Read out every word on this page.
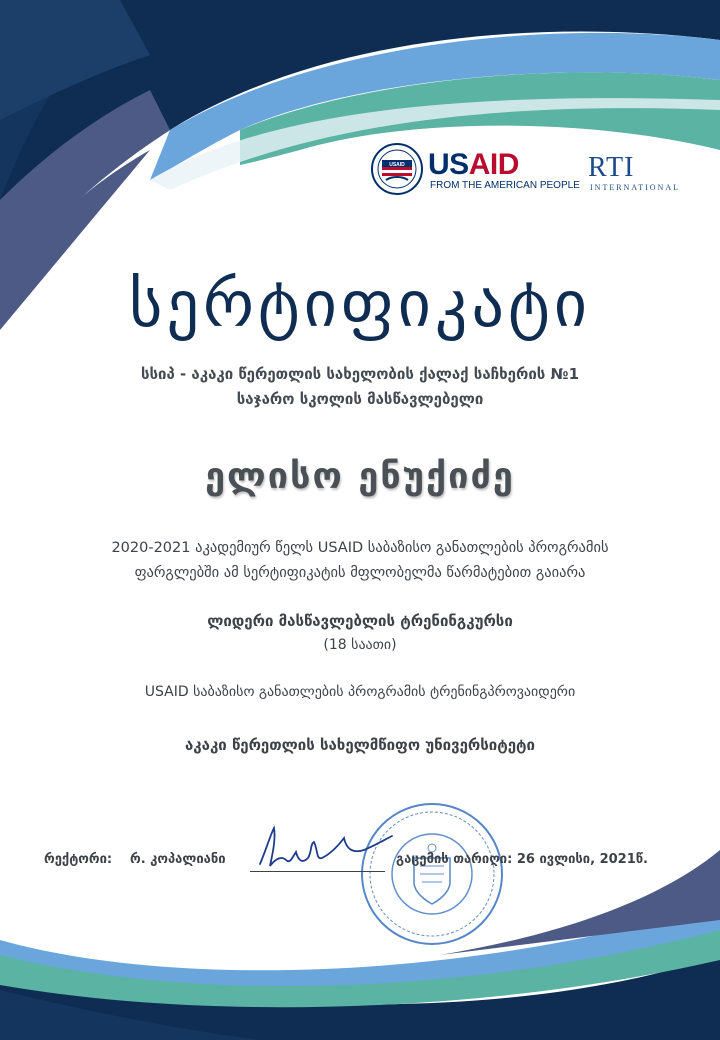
USAID USAID
FROM THE AMERICAN PEOPLE
RTI
INTERNATIONAL
სერტიფიკატი
სსიპ - აკაკი წერეთლის სახელობის ქალაქ საჩხერის №1
საჯარო სკოლის მასწავლებელი
ელისო ენუქიძე
2020-2021 აკადემიურ წელს USAID საბაზისო განათლების პროგრამის
ფარგლებში ამ სერტიფიკატის მფლობელმა წარმატებით გაიარა
ლიდერი მასწავლებლის ტრენინგკურსი
(18 საათი)
USAID საბაზისო განათლების პროგრამის ტრენინგპროვაიდერი
აკაკი წერეთლის სახელმწიფო უნივერსიტეტი
რექტორი: რ. კოპალიანი	გაცემის თარიღი: 26 ივლისი, 2021წ.
